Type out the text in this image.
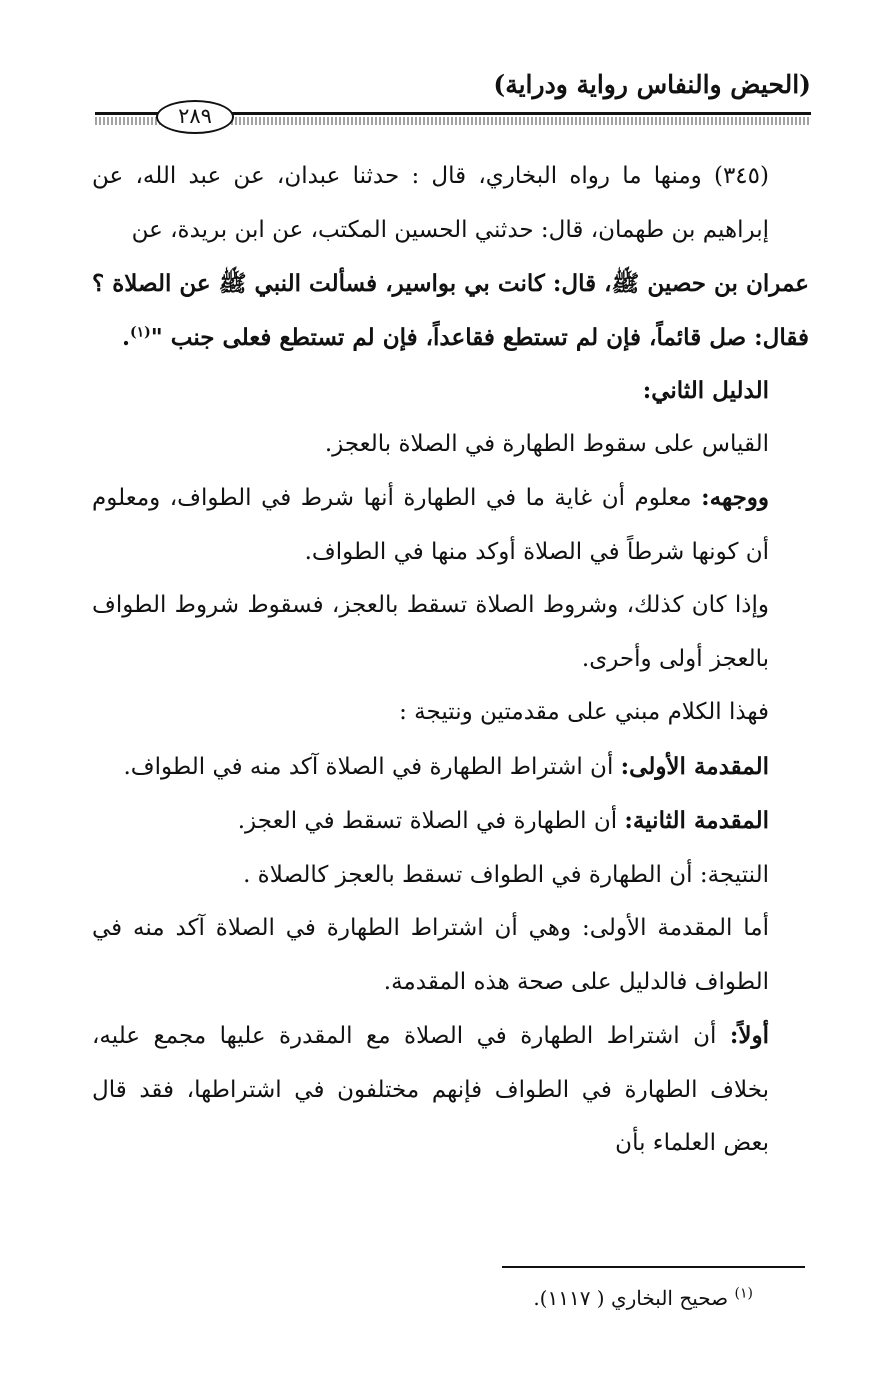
(الحيض والنفاس رواية ودراية)
٢٨٩

(٣٤٥) ومنها ما رواه البخاري، قال : حدثنا عبدان، عن عبد الله، عن إبراهيم بن طهمان، قال: حدثني الحسين المكتب، عن ابن بريدة، عن

عمران بن حصين ﷺ، قال: كانت بي بواسير، فسألت النبي ﷺ عن الصلاة ؟ فقال: صل قائماً، فإن لم تستطع فقاعداً، فإن لم تستطع فعلى جنب "$^{(١)}$.

الدليل الثاني:

القياس على سقوط الطهارة في الصلاة بالعجز.

ووجهه: معلوم أن غاية ما في الطهارة أنها شرط في الطواف، ومعلوم أن كونها شرطاً في الصلاة أوكد منها في الطواف.

وإذا كان كذلك، وشروط الصلاة تسقط بالعجز، فسقوط شروط الطواف بالعجز أولى وأحرى.

فهذا الكلام مبني على مقدمتين ونتيجة :

المقدمة الأولى: أن اشتراط الطهارة في الصلاة آكد منه في الطواف.

المقدمة الثانية: أن الطهارة في الصلاة تسقط في العجز.

النتيجة: أن الطهارة في الطواف تسقط بالعجز كالصلاة .

أما المقدمة الأولى: وهي أن اشتراط الطهارة في الصلاة آكد منه في الطواف فالدليل على صحة هذه المقدمة.

أولاً: أن اشتراط الطهارة في الصلاة مع المقدرة عليها مجمع عليه، بخلاف الطهارة في الطواف فإنهم مختلفون في اشتراطها، فقد قال بعض العلماء بأن

$^{(١)}$ صحيح البخاري ( ١١١٧).
